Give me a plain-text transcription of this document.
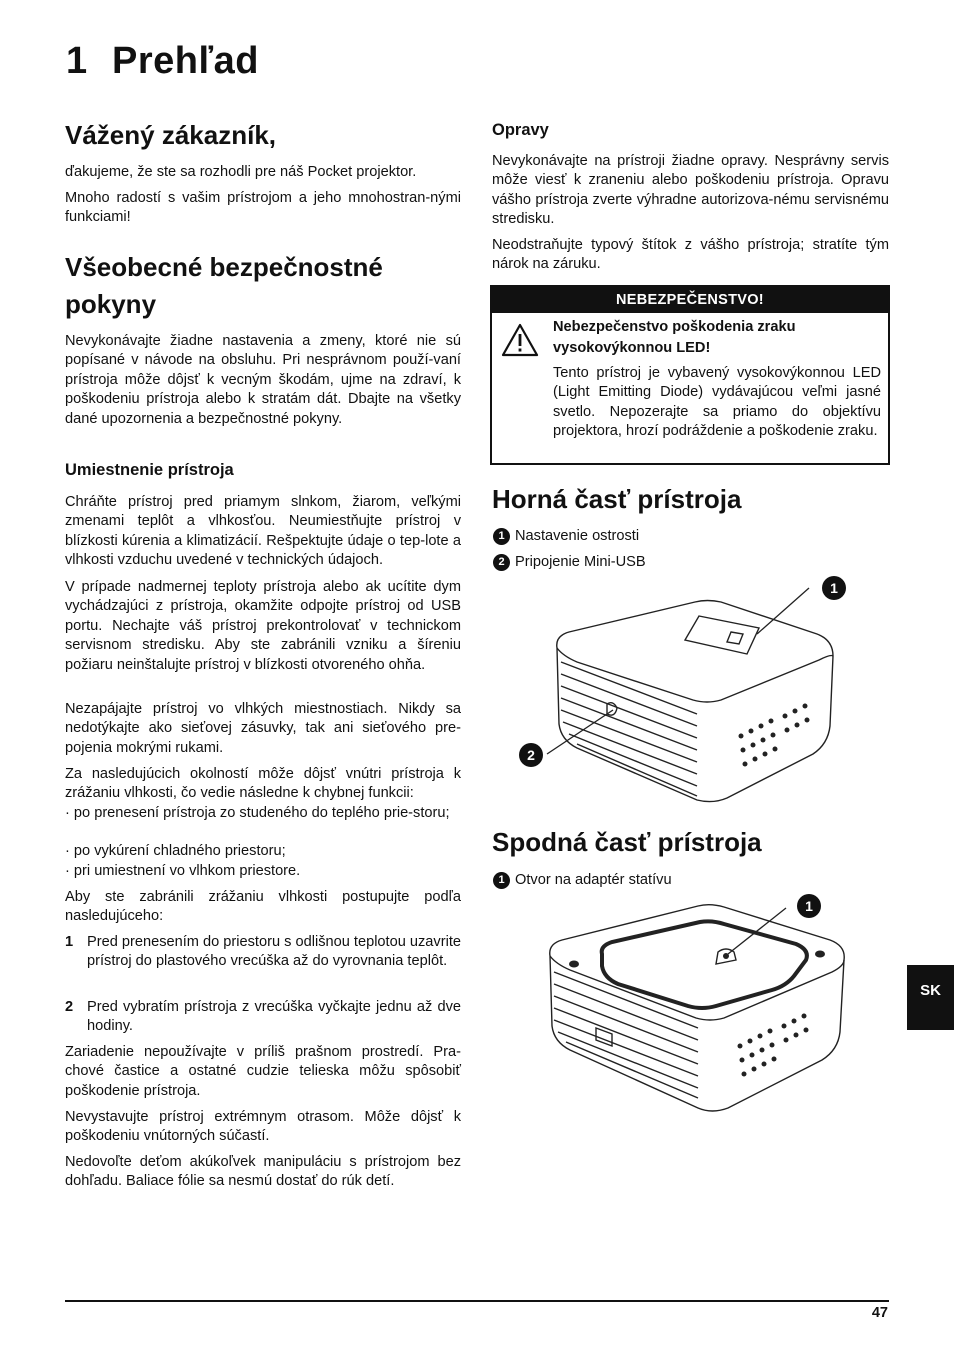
1 Prehľad
Vážený zákazník,

ďakujeme, že ste sa rozhodli pre náš Pocket projektor.

Mnoho radostí s vašim prístrojom a jeho mnohostran-nými funkciami!

Všeobecné bezpečnostné pokyny

Nevykonávajte žiadne nastavenia a zmeny, ktoré nie sú popísané v návode na obsluhu. Pri nesprávnom použí-vaní prístroja môže dôjsť k vecným škodám, ujme na zdraví, k poškodeniu prístroja alebo k stratám dát. Dbajte na všetky dané upozornenia a bezpečnostné pokyny.

Umiestnenie prístroja

Chráňte prístroj pred priamym slnkom, žiarom, veľkými zmenami teplôt a vlhkosťou. Neumiestňujte prístroj v blízkosti kúrenia a klimatizácií. Rešpektujte údaje o tep-lote a vlhkosti vzduchu uvedené v technických údajoch.

V prípade nadmernej teploty prístroja alebo ak ucítite dym vychádzajúci z prístroja, okamžite odpojte prístroj od USB portu. Nechajte váš prístroj prekontrolovať v technickom servisnom stredisku. Aby ste zabránili vzniku a šíreniu požiaru neinštalujte prístroj v blízkosti otvoreného ohňa.

Nezapájajte prístroj vo vlhkých miestnostiach. Nikdy sa nedotýkajte ako sieťovej zásuvky, tak ani sieťového pre-pojenia mokrými rukami.

Za nasledujúcich okolností môže dôjsť vnútri prístroja k zrážaniu vlhkosti, čo vedie následne k chybnej funkcii:

· po prenesení prístroja zo studeného do teplého prie-storu;

· po vykúrení chladného priestoru;

· pri umiestnení vo vlhkom priestore.

Aby ste zabránili zrážaniu vlhkosti postupujte podľa nasledujúceho:

1 Pred prenesením do priestoru s odlišnou teplotou uzavrite prístroj do plastového vrecúška až do vyrovnania teplôt.
2 Pred vybratím prístroja z vrecúška vyčkajte jednu až dve hodiny.

Zariadenie nepoužívajte v príliš prašnom prostredí. Pra-chové častice a ostatné cudzie telieska môžu spôsobiť poškodenie prístroja.

Nevystavujte prístroj extrémnym otrasom. Môže dôjsť k poškodeniu vnútorných súčastí.

Nedovoľte deťom akúkoľvek manipuláciu s prístrojom bez dohľadu. Baliace fólie sa nesmú dostať do rúk detí.

Opravy

Nevykonávajte na prístroji žiadne opravy. Nesprávny servis môže viesť k zraneniu alebo poškodeniu prístroja. Opravu vášho prístroja zverte výhradne autorizova-nému servisnému stredisku.

Neodstraňujte typový štítok z vášho prístroja; stratíte tým nárok na záruku.

NEBEZPEČENSTVO!
Nebezpečenstvo poškodenia zraku vysokovýkonnou LED!

Tento prístroj je vybavený vysokovýkonnou LED (Light Emitting Diode) vydávajúcou veľmi jasné svetlo. Nepozerajte sa priamo do objektívu projektora, hrozí podráždenie a poškodenie zraku.

Horná časť prístroja
1 Nastavenie ostrosti
2 Pripojenie Mini-USB
1
2
Spodná časť prístroja
1 Otvor na adaptér statívu
1
SK
47
